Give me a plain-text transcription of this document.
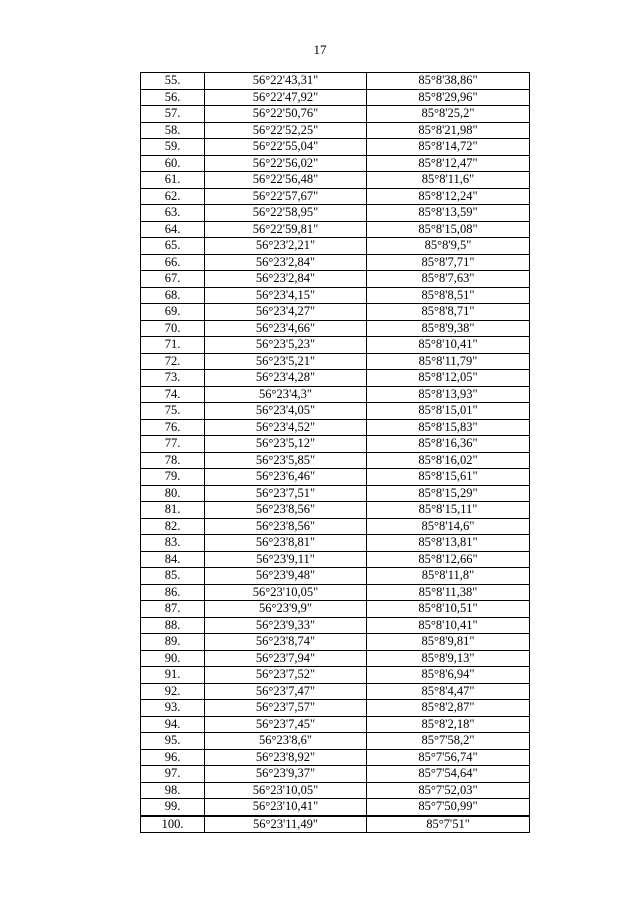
17
55.	56°22'43,31"	85°8'38,86"
56.	56°22'47,92"	85°8'29,96"
57.	56°22'50,76"	85°8'25,2"
58.	56°22'52,25"	85°8'21,98"
59.	56°22'55,04"	85°8'14,72"
60.	56°22'56,02"	85°8'12,47"
61.	56°22'56,48"	85°8'11,6"
62.	56°22'57,67"	85°8'12,24"
63.	56°22'58,95"	85°8'13,59"
64.	56°22'59,81"	85°8'15,08"
65.	56°23'2,21"	85°8'9,5"
66.	56°23'2,84"	85°8'7,71"
67.	56°23'2,84"	85°8'7,63"
68.	56°23'4,15"	85°8'8,51"
69.	56°23'4,27"	85°8'8,71"
70.	56°23'4,66"	85°8'9,38"
71.	56°23'5,23"	85°8'10,41"
72.	56°23'5,21"	85°8'11,79"
73.	56°23'4,28"	85°8'12,05"
74.	56°23'4,3"	85°8'13,93"
75.	56°23'4,05"	85°8'15,01"
76.	56°23'4,52"	85°8'15,83"
77.	56°23'5,12"	85°8'16,36"
78.	56°23'5,85"	85°8'16,02"
79.	56°23'6,46"	85°8'15,61"
80.	56°23'7,51"	85°8'15,29"
81.	56°23'8,56"	85°8'15,11"
82.	56°23'8,56"	85°8'14,6"
83.	56°23'8,81"	85°8'13,81"
84.	56°23'9,11"	85°8'12,66"
85.	56°23'9,48"	85°8'11,8"
86.	56°23'10,05"	85°8'11,38"
87.	56°23'9,9"	85°8'10,51"
88.	56°23'9,33"	85°8'10,41"
89.	56°23'8,74"	85°8'9,81"
90.	56°23'7,94"	85°8'9,13"
91.	56°23'7,52"	85°8'6,94"
92.	56°23'7,47"	85°8'4,47"
93.	56°23'7,57"	85°8'2,87"
94.	56°23'7,45"	85°8'2,18"
95.	56°23'8,6"	85°7'58,2"
96.	56°23'8,92"	85°7'56,74"
97.	56°23'9,37"	85°7'54,64"
98.	56°23'10,05"	85°7'52,03"
99.	56°23'10,41"	85°7'50,99"
100.	56°23'11,49"	85°7'51"
